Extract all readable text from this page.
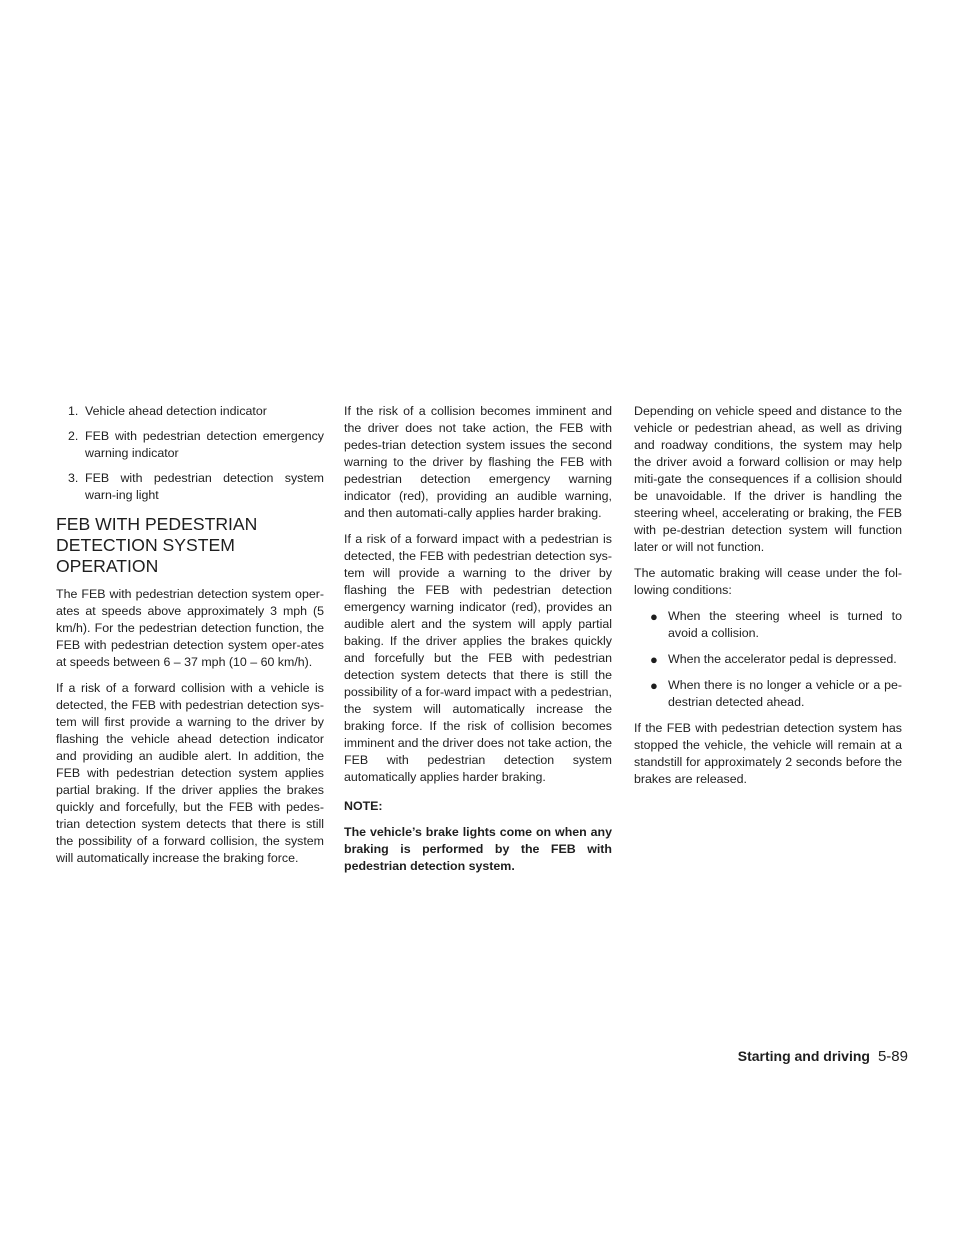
1. Vehicle ahead detection indicator
2. FEB with pedestrian detection emergency warning indicator
3. FEB with pedestrian detection system warn-ing light
FEB WITH PEDESTRIAN
DETECTION SYSTEM OPERATION

The FEB with pedestrian detection system oper-ates at speeds above approximately 3 mph (5 km/h). For the pedestrian detection function, the FEB with pedestrian detection system oper-ates at speeds between 6 – 37 mph (10 – 60 km/h).

If a risk of a forward collision with a vehicle is detected, the FEB with pedestrian detection sys-tem will first provide a warning to the driver by flashing the vehicle ahead detection indicator and providing an audible alert. In addition, the FEB with pedestrian detection system applies partial braking. If the driver applies the brakes quickly and forcefully, but the FEB with pedes-trian detection system detects that there is still the possibility of a forward collision, the system will automatically increase the braking force.

If the risk of a collision becomes imminent and the driver does not take action, the FEB with pedes-trian detection system issues the second warning to the driver by flashing the FEB with pedestrian detection emergency warning indicator (red), providing an audible warning, and then automati-cally applies harder braking.

If a risk of a forward impact with a pedestrian is detected, the FEB with pedestrian detection sys-tem will provide a warning to the driver by flashing the FEB with pedestrian detection emergency warning indicator (red), provides an audible alert and the system will apply partial baking. If the driver applies the brakes quickly and forcefully but the FEB with pedestrian detection system detects that there is still the possibility of a for-ward impact with a pedestrian, the system will automatically increase the braking force. If the risk of collision becomes imminent and the driver does not take action, the FEB with pedestrian detection system automatically applies harder braking.

NOTE:

The vehicle’s brake lights come on when any braking is performed by the FEB with pedestrian detection system.

Depending on vehicle speed and distance to the vehicle or pedestrian ahead, as well as driving and roadway conditions, the system may help the driver avoid a forward collision or may help miti-gate the consequences if a collision should be unavoidable. If the driver is handling the steering wheel, accelerating or braking, the FEB with pe-destrian detection system will function later or will not function.

The automatic braking will cease under the fol-lowing conditions:

● When the steering wheel is turned to avoid a collision.
● When the accelerator pedal is depressed.
● When there is no longer a vehicle or a pe-destrian detected ahead.

If the FEB with pedestrian detection system has stopped the vehicle, the vehicle will remain at a standstill for approximately 2 seconds before the brakes are released.

Starting and driving 5-89
